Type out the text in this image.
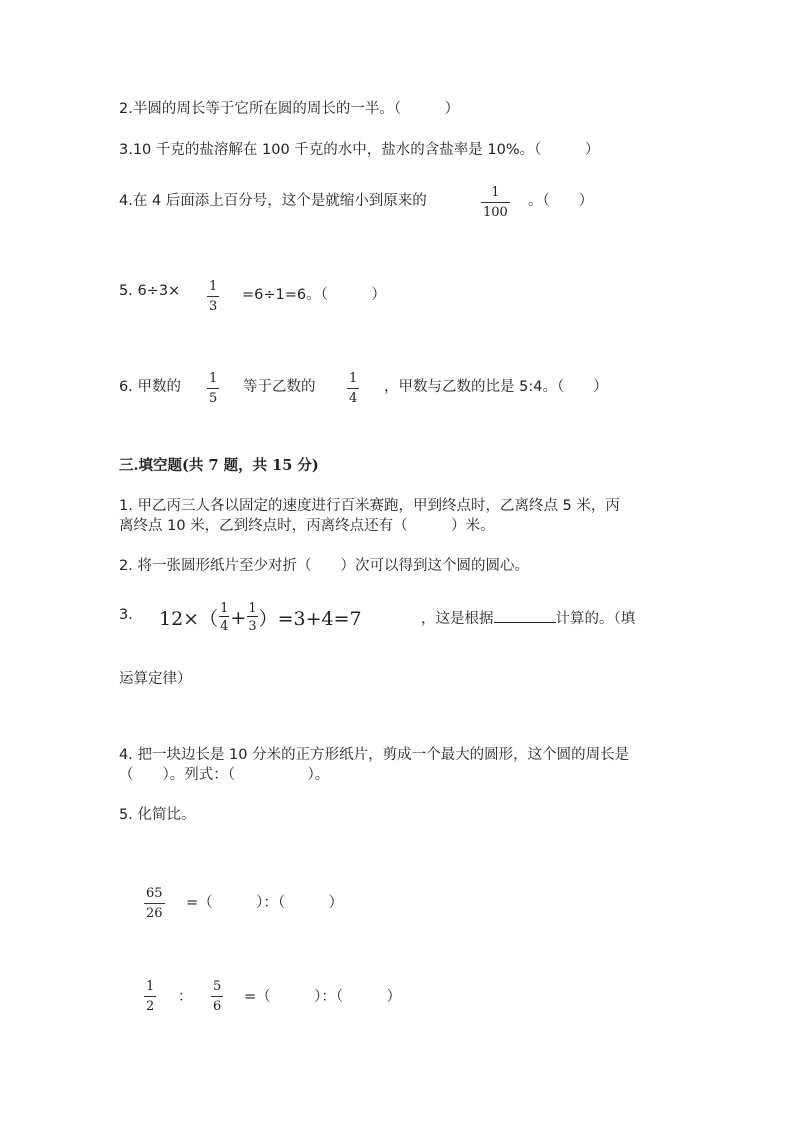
2.半圆的周长等于它所在圆的周长的一半。（　　　）
3.10 千克的盐溶解在 100 千克的水中，盐水的含盐率是 10%。（　　　）
4.在 4 后面添上百分号，这个是就缩小到原来的
1
100
。（　　）
5. 6÷3× 1
3
=6÷1=6。（　　　）
6. 甲数的
1
5
等于乙数的
1
4
，甲数与乙数的比是 5:4。（　　）
三.填空题(共 7 题，共 15 分)
1. 甲乙丙三人各以固定的速度进行百米赛跑，甲到终点时，乙离终点 5 米，丙
离终点 10 米，乙到终点时，丙离终点还有（　　　）米。
2. 将一张圆形纸片至少对折（　　）次可以得到这个圆的圆心。
3. 12×（ 1
4 + 1
3 ）=3+4=7	，这是根据	计算的。（填
运算定律）
4. 把一块边长是 10 分米的正方形纸片，剪成一个最大的圆形，这个圆的周长是
（　　）。列式：（　　　　　）。
5. 化简比。
65
26
=（　　　）：（　　　）
1
2
：
5
6
=（　　　）：（　　　）
